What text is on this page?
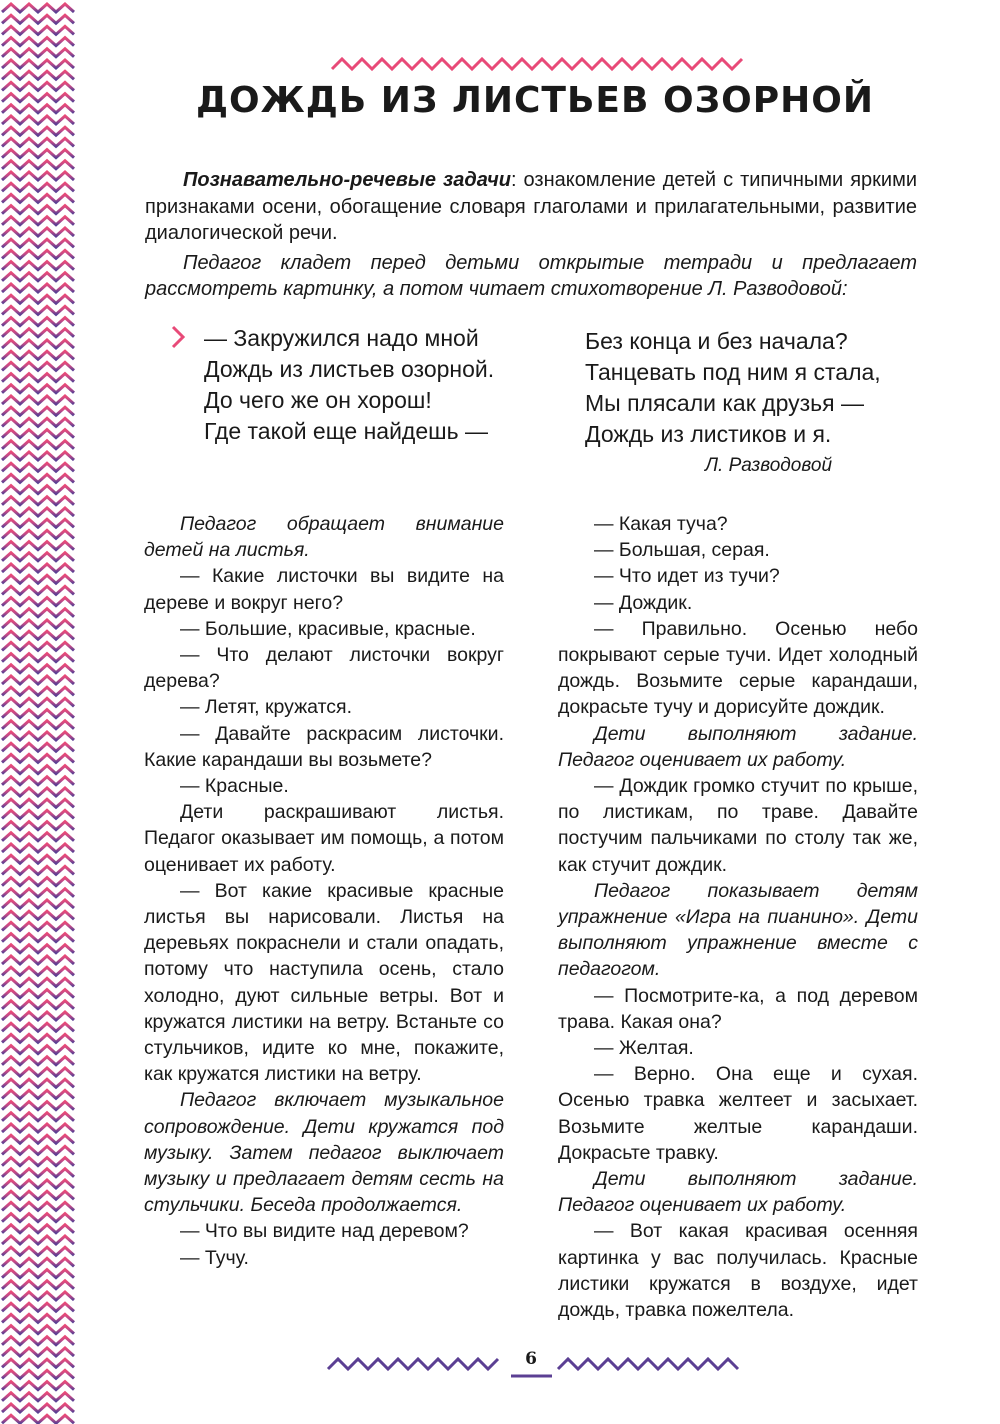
ДОЖДЬ ИЗ ЛИСТЬЕВ ОЗОРНОЙ

Познавательно-речевые задачи: ознакомление детей с типичными яркими признаками осени, обогащение словаря глаголами и прилагательными, развитие диалогической речи.

Педагог кладет перед детьми открытые тетради и предлагает рассмотреть картинку, а потом читает стихотворение Л. Разводовой:

— Закружился надо мной
Дождь из листьев озорной.
До чего же он хорош!
Где такой еще найдешь —
Без конца и без начала?
Танцевать под ним я стала,
Мы плясали как друзья —
Дождь из листиков и я.
Л. Разводовой

Педагог обращает внимание детей на листья.

— Какие листочки вы видите на дереве и вокруг него?

— Большие, красивые, красные.

— Что делают листочки вокруг дерева?

— Летят, кружатся.

— Давайте раскрасим листочки. Какие карандаши вы возьмете?

— Красные.

Дети раскрашивают листья. Педагог оказывает им помощь, а потом оценивает их работу.

— Вот какие красивые красные листья вы нарисовали. Листья на деревьях покраснели и стали опадать, потому что наступила осень, стало холодно, дуют сильные ветры. Вот и кружатся листики на ветру. Встаньте со стульчиков, идите ко мне, покажите, как кружатся листики на ветру.

Педагог включает музыкальное сопровождение. Дети кружатся под музыку. Затем педагог выключает музыку и предлагает детям сесть на стульчики. Беседа продолжается.

— Что вы видите над деревом?

— Тучу.

— Какая туча?

— Большая, серая.

— Что идет из тучи?

— Дождик.

— Правильно. Осенью небо покрывают серые тучи. Идет холодный дождь. Возьмите серые карандаши, докрасьте тучу и дорисуйте дождик.

Дети выполняют задание. Педагог оценивает их работу.

— Дождик громко стучит по крыше, по листикам, по траве. Давайте постучим пальчиками по столу так же, как стучит дождик.

Педагог показывает детям упражнение «Игра на пианино». Дети выполняют упражнение вместе с педагогом.

— Посмотрите-ка, а под деревом трава. Какая она?

— Желтая.

— Верно. Она еще и сухая. Осенью травка желтеет и засыхает. Возьмите желтые карандаши. Докрасьте травку.

Дети выполняют задание. Педагог оценивает их работу.

— Вот какая красивая осенняя картинка у вас получилась. Красные листики кружатся в воздухе, идет дождь, травка пожелтела.

6
